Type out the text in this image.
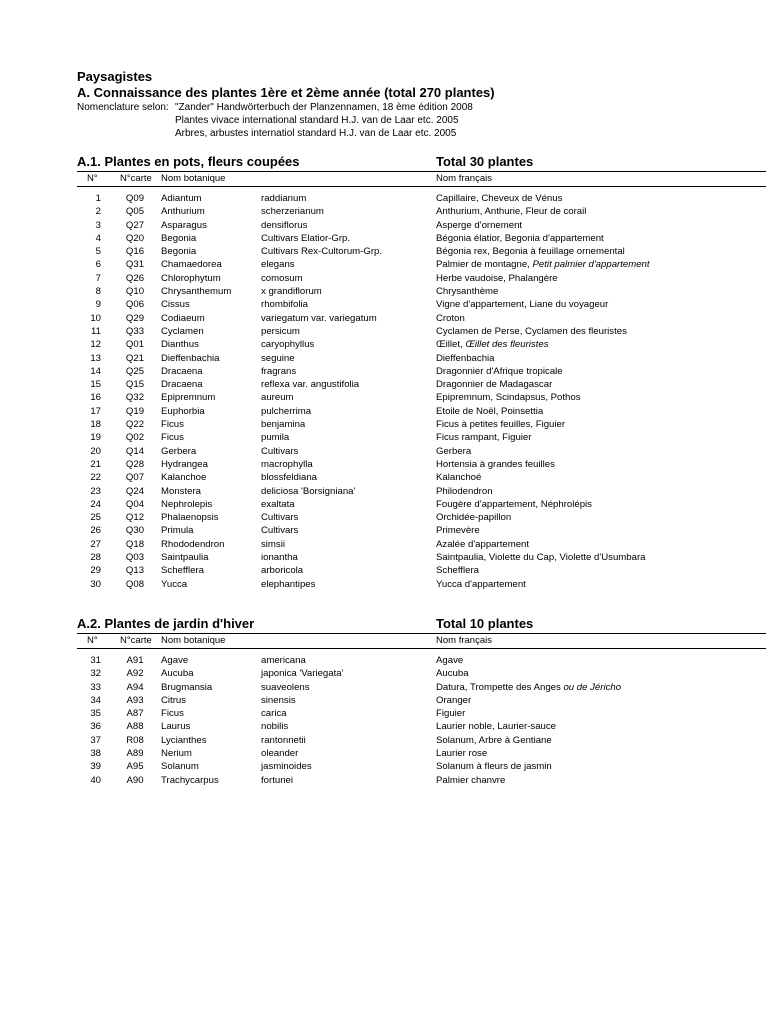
Paysagistes
A. Connaissance des plantes 1ère et 2ème année (total 270 plantes)
Nomenclature selon: "Zander" Handwörterbuch der Planzennamen, 18 ème édition 2008
Plantes vivace international standard H.J. van de Laar etc. 2005
Arbres, arbustes internatiol standard H.J. van de Laar etc. 2005
A.1. Plantes en pots, fleurs coupées	Total 30 plantes
N° N°carte Nom botanique	Nom français
1	Q09	Adiantum	raddianum	Capillaire, Cheveux de Vénus
2	Q05	Anthurium	scherzerianum	Anthurium, Anthurie, Fleur de corail
3	Q27	Asparagus	densiflorus	Asperge d'ornement
4	Q20	Begonia	Cultivars Elatior-Grp.	Bégonia élatior, Begonia d'appartement
5	Q16	Begonia	Cultivars Rex-Cultorum-Grp.	Bégonia rex, Begonia à feuillage ornemental
6	Q31	Chamaedorea	elegans	Palmier de montagne, Petit palmier d'appartement
7	Q26	Chlorophytum	comosum	Herbe vaudoise, Phalangère
8	Q10	Chrysanthemum	x grandiflorum	Chrysanthème
9	Q06	Cissus	rhombifolia	Vigne d'appartement, Liane du voyageur
10	Q29	Codiaeum	variegatum var. variegatum	Croton
11	Q33	Cyclamen	persicum	Cyclamen de Perse, Cyclamen des fleuristes
12	Q01	Dianthus	caryophyllus	Œillet, Œillet des fleuristes
13	Q21	Dieffenbachia	seguine	Dieffenbachia
14	Q25	Dracaena	fragrans	Dragonnier d'Afrique tropicale
15	Q15	Dracaena	reflexa var. angustifolia	Dragonnier de Madagascar
16	Q32	Epipremnum	aureum	Epipremnum, Scindapsus, Pothos
17	Q19	Euphorbia	pulcherrima	Etoile de Noël, Poinsettia
18	Q22	Ficus	benjamina	Ficus à petites feuilles, Figuier
19	Q02	Ficus	pumila	Ficus rampant, Figuier
20	Q14	Gerbera	Cultivars	Gerbera
21	Q28	Hydrangea	macrophylla	Hortensia à grandes feuilles
22	Q07	Kalanchoe	blossfeldiana	Kalanchoé
23	Q24	Monstera	deliciosa 'Borsigniana'	Philodendron
24	Q04	Nephrolepis	exaltata	Fougère d'appartement, Néphrolépis
25	Q12	Phalaenopsis	Cultivars	Orchidée-papillon
26	Q30	Primula	Cultivars	Primevère
27	Q18	Rhododendron	simsii	Azalée d'appartement
28	Q03	Saintpaulia	ionantha	Saintpaulia, Violette du Cap, Violette d'Usumbara
29	Q13	Schefflera	arboricola	Schefflera
30	Q08	Yucca	elephantipes	Yucca d'appartement
A.2. Plantes de jardin d'hiver	Total 10 plantes
N° N°carte Nom botanique	Nom français
31	A91	Agave	americana	Agave
32	A92	Aucuba	japonica 'Variegata'	Aucuba
33	A94	Brugmansia	suaveolens	Datura, Trompette des Anges ou de Jéricho
34	A93	Citrus	sinensis	Oranger
35	A87	Ficus	carica	Figuier
36	A88	Laurus	nobilis	Laurier noble, Laurier-sauce
37	R08	Lycianthes	rantonnetii	Solanum, Arbre à Gentiane
38	A89	Nerium	oleander	Laurier rose
39	A95	Solanum	jasminoides	Solanum à fleurs de jasmin
40	A90	Trachycarpus	fortunei	Palmier chanvre
